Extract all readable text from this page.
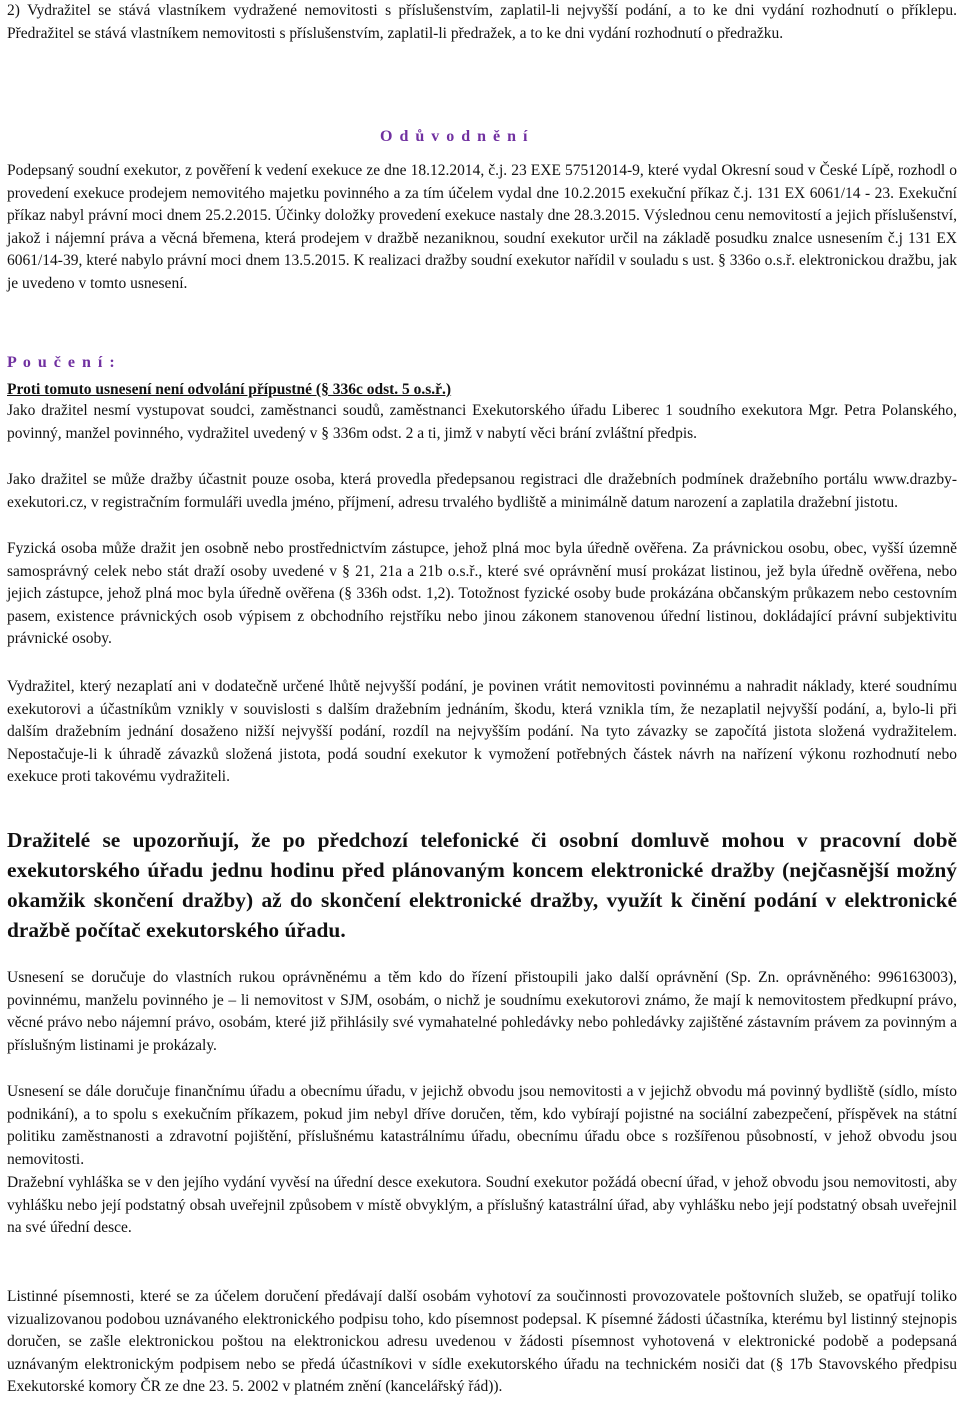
2) Vydražitel se stává vlastníkem vydražené nemovitosti s příslušenstvím, zaplatil-li nejvyšší podání, a to ke dni vydání rozhodnutí o příklepu. Předražitel se stává vlastníkem nemovitosti s příslušenstvím, zaplatil-li předražek, a to ke dni vydání rozhodnutí o předražku.

O d ů v o d n ě n í

Podepsaný soudní exekutor, z pověření k vedení exekuce ze dne 18.12.2014, č.j. 23 EXE 57512014-9, které vydal Okresní soud v České Lípě, rozhodl o provedení exekuce prodejem nemovitého majetku povinného a za tím účelem vydal dne 10.2.2015 exekuční příkaz č.j. 131 EX 6061/14 - 23. Exekuční příkaz nabyl právní moci dnem 25.2.2015. Účinky doložky provedení exekuce nastaly dne 28.3.2015. Výslednou cenu nemovitostí a jejich příslušenství, jakož i nájemní práva a věcná břemena, která prodejem v dražbě nezaniknou, soudní exekutor určil na základě posudku znalce usnesením č.j 131 EX 6061/14-39, které nabylo právní moci dnem 13.5.2015. K realizaci dražby soudní exekutor nařídil v souladu s ust. § 336o o.s.ř. elektronickou dražbu, jak je uvedeno v tomto usnesení.

P o u č e n í :

Proti tomuto usnesení není odvolání přípustné (§ 336c odst. 5 o.s.ř.)

Jako dražitel nesmí vystupovat soudci, zaměstnanci soudů, zaměstnanci Exekutorského úřadu Liberec 1 soudního exekutora Mgr. Petra Polanského, povinný, manžel povinného, vydražitel uvedený v § 336m odst. 2 a ti, jimž v nabytí věci brání zvláštní předpis.

Jako dražitel se může dražby účastnit pouze osoba, která provedla předepsanou registraci dle dražebních podmínek dražebního portálu www.drazby-exekutori.cz, v registračním formuláři uvedla jméno, příjmení, adresu trvalého bydliště a minimálně datum narození a zaplatila dražební jistotu.

Fyzická osoba může dražit jen osobně nebo prostřednictvím zástupce, jehož plná moc byla úředně ověřena. Za právnickou osobu, obec, vyšší územně samosprávný celek nebo stát draží osoby uvedené v § 21, 21a a 21b o.s.ř., které své oprávnění musí prokázat listinou, jež byla úředně ověřena, nebo jejich zástupce, jehož plná moc byla úředně ověřena (§ 336h odst. 1,2). Totožnost fyzické osoby bude prokázána občanským průkazem nebo cestovním pasem, existence právnických osob výpisem z obchodního rejstříku nebo jinou zákonem stanovenou úřední listinou, dokládající právní subjektivitu právnické osoby.

Vydražitel, který nezaplatí ani v dodatečně určené lhůtě nejvyšší podání, je povinen vrátit nemovitosti povinnému a nahradit náklady, které soudnímu exekutorovi a účastníkům vznikly v souvislosti s dalším dražebním jednáním, škodu, která vznikla tím, že nezaplatil nejvyšší podání, a, bylo-li při dalším dražebním jednání dosaženo nižší nejvyšší podání, rozdíl na nejvyšším podání. Na tyto závazky se započítá jistota složená vydražitelem. Nepostačuje-li k úhradě závazků složená jistota, podá soudní exekutor k vymožení potřebných částek návrh na nařízení výkonu rozhodnutí nebo exekuce proti takovému vydražiteli.

Dražitelé se upozorňují, že po předchozí telefonické či osobní domluvě mohou v pracovní době exekutorského úřadu jednu hodinu před plánovaným koncem elektronické dražby (nejčasnější možný okamžik skončení dražby) až do skončení elektronické dražby, využít k činění podání v elektronické dražbě počítač exekutorského úřadu.

Usnesení se doručuje do vlastních rukou oprávněnému a těm kdo do řízení přistoupili jako další oprávnění (Sp. Zn. oprávněného: 996163003), povinnému, manželu povinného je – li nemovitost v SJM, osobám, o nichž je soudnímu exekutorovi známo, že mají k nemovitostem předkupní právo, věcné právo nebo nájemní právo, osobám, které již přihlásily své vymahatelné pohledávky nebo pohledávky zajištěné zástavním právem za povinným a příslušným listinami je prokázaly.

Usnesení se dále doručuje finančnímu úřadu a obecnímu úřadu, v jejichž obvodu jsou nemovitosti a v jejichž obvodu má povinný bydliště (sídlo, místo podnikání), a to spolu s exekučním příkazem, pokud jim nebyl dříve doručen, těm, kdo vybírají pojistné na sociální zabezpečení, příspěvek na státní politiku zaměstnanosti a zdravotní pojištění, příslušnému katastrálnímu úřadu, obecnímu úřadu obce s rozšířenou působností, v jehož obvodu jsou nemovitosti.

Dražební vyhláška se v den jejího vydání vyvěsí na úřední desce exekutora. Soudní exekutor požádá obecní úřad, v jehož obvodu jsou nemovitosti, aby vyhlášku nebo její podstatný obsah uveřejnil způsobem v místě obvyklým, a příslušný katastrální úřad, aby vyhlášku nebo její podstatný obsah uveřejnil na své úřední desce.

Listinné písemnosti, které se za účelem doručení předávají další osobám vyhotoví za součinnosti provozovatele poštovních služeb, se opatřují toliko vizualizovanou podobou uznávaného elektronického podpisu toho, kdo písemnost podepsal. K písemné žádosti účastníka, kterému byl listinný stejnopis doručen, se zašle elektronickou poštou na elektronickou adresu uvedenou v žádosti písemnost vyhotovená v elektronické podobě a podepsaná uznávaným elektronickým podpisem nebo se předá účastníkovi v sídle exekutorského úřadu na technickém nosiči dat (§ 17b Stavovského předpisu Exekutorské komory ČR ze dne 23. 5. 2002 v platném znění (kancelářský řád)).
